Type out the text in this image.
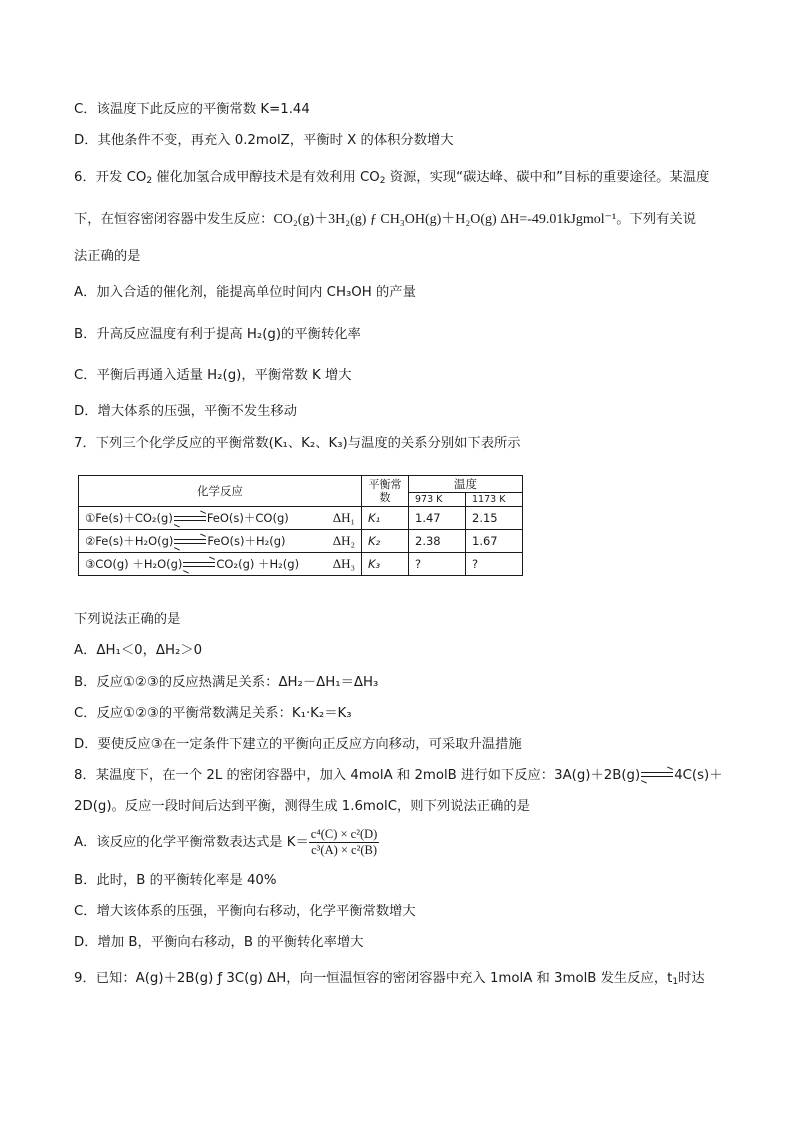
C．该温度下此反应的平衡常数 K=1.44
D．其他条件不变，再充入 0.2molZ，平衡时 X 的体积分数增大
6．开发 $CO_2$ 催化加氢合成甲醇技术是有效利用 $CO_2$ 资源，实现“碳达峰、碳中和”目标的重要途径。某温度
下，在恒容密闭容器中发生反应：CO₂(g)＋3H₂(g) ƒ CH₃OH(g)＋H₂O(g) ΔH=-49.01kJgmol⁻¹。下列有关说
法正确的是
A．加入合适的催化剂，能提高单位时间内 CH₃OH 的产量
B．升高反应温度有利于提高 H₂(g)的平衡转化率
C．平衡后再通入适量 H₂(g)，平衡常数 K 增大
D．增大体系的压强，平衡不发生移动
7．下列三个化学反应的平衡常数(K₁、K₂、K₃)与温度的关系分别如下表所示
化学反应	平衡常数	温度	
		973 K	1173 K
①Fe(s)＋CO₂(g)→FeO(s)＋CO(g) ΔH₁	K₁	1.47	2.15
②Fe(s)＋H₂O(g)→FeO(s)＋H₂(g) ΔH₂	K₂	2.38	1.67
③CO(g) ＋H₂O(g)→CO₂(g) ＋H₂(g) ΔH₃	K₃	?	?
下列说法正确的是
A．ΔH₁＜0，ΔH₂＞0
B．反应①②③的反应热满足关系：ΔH₂－ΔH₁＝ΔH₃
C．反应①②③的平衡常数满足关系：K₁·K₂＝K₃
D．要使反应③在一定条件下建立的平衡向正反应方向移动，可采取升温措施
8．某温度下，在一个 2L 的密闭容器中，加入 4molA 和 2molB 进行如下反应：3A(g)＋2B(g)→4C(s)＋
2D(g)。反应一段时间后达到平衡，测得生成 1.6molC，则下列说法正确的是
A．该反应的化学平衡常数表达式是 $K= \frac{\text{c⁴(C) × c²(D)}}{\text{c³(A) × c²(B)}}$
B．此时，B 的平衡转化率是 40%
C．增大该体系的压强，平衡向右移动，化学平衡常数增大
D．增加 B，平衡向右移动，B 的平衡转化率增大
9．已知：A(g)＋2B(g) ƒ 3C(g) ΔH，向一恒温恒容的密闭容器中充入 1molA 和 3molB 发生反应，$t_1$时达
